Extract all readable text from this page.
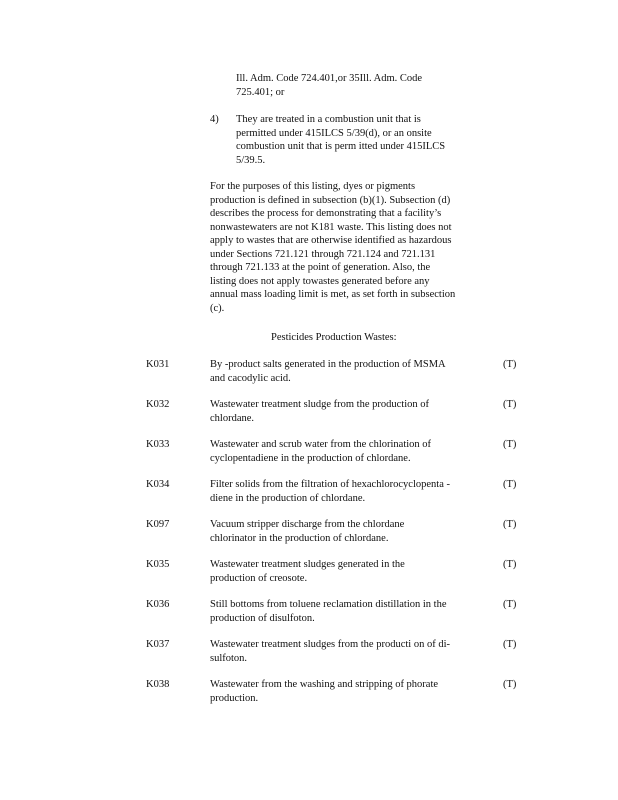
Ill. Adm. Code 724.401,or 35Ill. Adm. Code
725.401; or
4) They are treated in a combustion unit that is
permitted under 415ILCS 5/39(d), or an onsite
combustion unit that is perm itted under 415ILCS
5/39.5.
For the purposes of this listing, dyes or pigments
production is defined in subsection (b)(1). Subsection (d)
describes the process for demonstrating that a facility’s
nonwastewaters are not K181 waste. This listing does not
apply to wastes that are otherwise identified as hazardous
under Sections 721.121 through 721.124 and 721.131
through 721.133 at the point of generation. Also, the
listing does not apply towastes generated before any
annual mass loading limit is met, as set forth in subsection
(c).
Pesticides Production Wastes:
K031	By -product salts generated in the production of MSMA
and cacodylic acid.
(T)
K032	Wastewater treatment sludge from the production of
chlordane.
(T)
K033	Wastewater and scrub water from the chlorination of
cyclopentadiene in the production of chlordane.
(T)
K034	Filter solids from the filtration of hexachlorocyclopenta -
diene in the production of chlordane.
(T)
K097	Vacuum stripper discharge from the chlordane
chlorinator in the production of chlordane.
(T)
K035	Wastewater treatment sludges generated in the
production of creosote.
(T)
K036	Still bottoms from toluene reclamation distillation in the
production of disulfoton.
(T)
K037	Wastewater treatment sludges from the producti on of di-
sulfoton.
(T)
K038	Wastewater from the washing and stripping of phorate
production.
(T)
